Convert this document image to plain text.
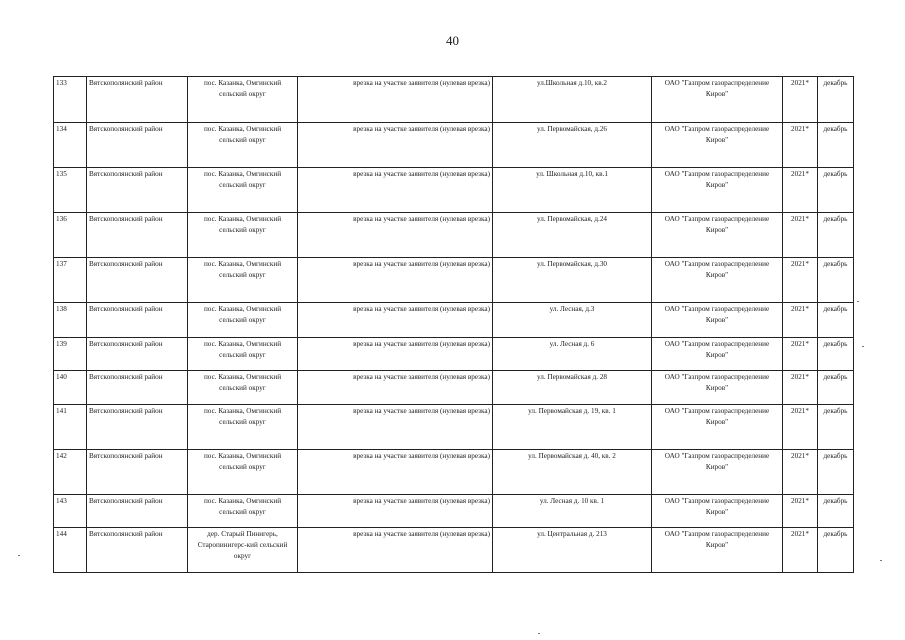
40
133	Вятскополянский район	пос. Казанка, Омгинский сельский округ	врезка на участке заявителя (нулевая врезка)	ул.Школьная д.10, кв.2	ОАО "Газпром газораспределение Киров"	2021*	декабрь
134	Вятскополянский район	пос. Казанка, Омгинский сельский округ	врезка на участке заявителя (нулевая врезка)	ул. Первомайская, д.26	ОАО "Газпром газораспределение Киров"	2021*	декабрь
135	Вятскополянский район	пос. Казанка, Омгинский сельский округ	врезка на участке заявителя (нулевая врезка)	ул. Школьная д.10, кв.1	ОАО "Газпром газораспределение Киров"	2021*	декабрь
136	Вятскополянский район	пос. Казанка, Омгинский сельский округ	врезка на участке заявителя (нулевая врезка)	ул. Первомайская, д.24	ОАО "Газпром газораспределение Киров"	2021*	декабрь
137	Вятскополянский район	пос. Казанка, Омгинский сельский округ	врезка на участке заявителя (нулевая врезка)	ул. Первомайская, д.30	ОАО "Газпром газораспределение Киров"	2021*	декабрь
138	Вятскополянский район	пос. Казанка, Омгинский сельский округ	врезка на участке заявителя (нулевая врезка)	ул. Лесная, д.3	ОАО "Газпром газораспределение Киров"	2021*	декабрь
139	Вятскополянский район	пос. Казанка, Омгинский сельский округ	врезка на участке заявителя (нулевая врезка)	ул. Лесная д. 6	ОАО "Газпром газораспределение Киров"	2021*	декабрь
140	Вятскополянский район	пос. Казанка, Омгинский сельский округ	врезка на участке заявителя (нулевая врезка)	ул. Первомайская д. 28	ОАО "Газпром газораспределение Киров"	2021*	декабрь
141	Вятскополянский район	пос. Казанка, Омгинский сельский округ	врезка на участке заявителя (нулевая врезка)	ул. Первомайская д. 19, кв. 1	ОАО "Газпром газораспределение Киров"	2021*	декабрь
142	Вятскополянский район	пос. Казанка, Омгинский сельский округ	врезка на участке заявителя (нулевая врезка)	ул. Первомайская д. 40, кв. 2	ОАО "Газпром газораспределение Киров"	2021*	декабрь
143	Вятскополянский район	пос. Казанка, Омгинский сельский округ	врезка на участке заявителя (нулевая врезка)	ул. Лесная д. 10 кв. 1	ОАО "Газпром газораспределение Киров"	2021*	декабрь
144	Вятскополянский район	дер. Старый Пинигерь, Старопинигерс-кий сельский округ	врезка на участке заявителя (нулевая врезка)	ул. Центральная д. 213	ОАО "Газпром газораспределение Киров"	2021*	декабрь
